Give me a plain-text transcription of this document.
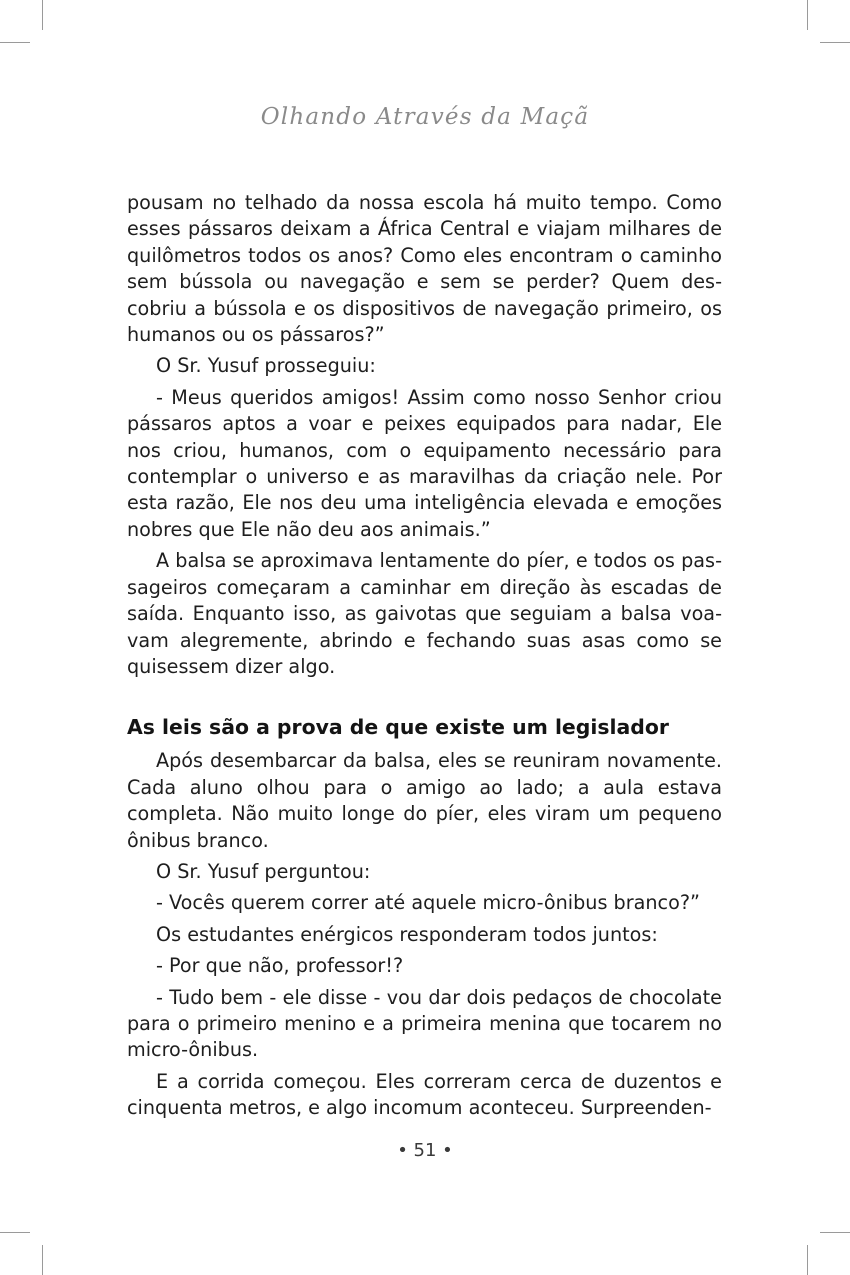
Olhando Através da Maçã

pousam no telhado da nossa escola há muito tempo. Como esses pássaros deixam a África Central e viajam milhares de quilômetros todos os anos? Como eles encontram o caminho sem bússola ou navegação e sem se perder? Quem descobriu a bússola e os dispositivos de navegação primeiro, os humanos ou os pássaros?”

O Sr. Yusuf prosseguiu:

- Meus queridos amigos! Assim como nosso Senhor criou pássaros aptos a voar e peixes equipados para nadar, Ele nos criou, humanos, com o equipamento necessário para contemplar o universo e as maravilhas da criação nele. Por esta razão, Ele nos deu uma inteligência elevada e emoções nobres que Ele não deu aos animais.”

A balsa se aproximava lentamente do píer, e todos os passageiros começaram a caminhar em direção às escadas de saída. Enquanto isso, as gaivotas que seguiam a balsa voavam alegremente, abrindo e fechando suas asas como se quisessem dizer algo.

As leis são a prova de que existe um legislador

Após desembarcar da balsa, eles se reuniram novamente. Cada aluno olhou para o amigo ao lado; a aula estava completa. Não muito longe do píer, eles viram um pequeno ônibus branco.

O Sr. Yusuf perguntou:

- Vocês querem correr até aquele micro-ônibus branco?”

Os estudantes enérgicos responderam todos juntos:

- Por que não, professor!?

- Tudo bem - ele disse - vou dar dois pedaços de chocolate para o primeiro menino e a primeira menina que tocarem no micro-ônibus.

E a corrida começou. Eles correram cerca de duzentos e cinquenta metros, e algo incomum aconteceu. Surpreenden-

• 51 •
